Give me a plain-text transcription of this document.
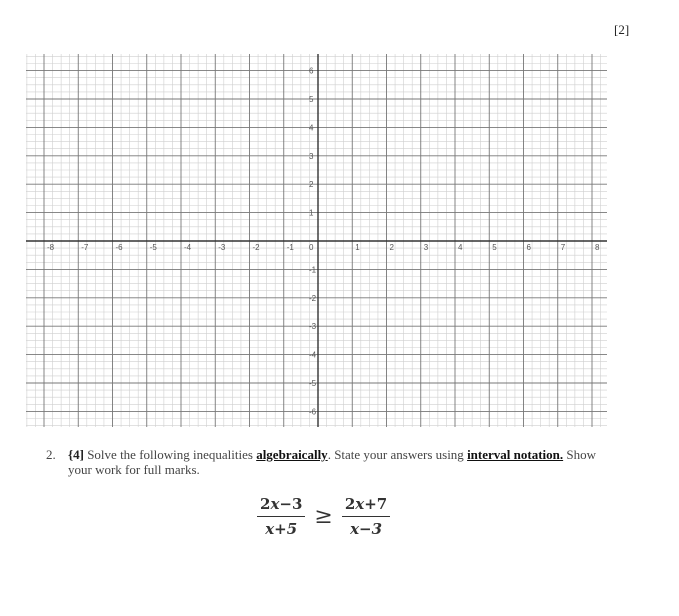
[2]
-8	-7	-6	-5	-4	-3	-2	-1	1	2	3	4	5	6	7	8
6
5
4
3
2
1
-1
-2
-3
-4
-5
-6
0
2. {4] Solve the following inequalities algebraically. State your answers using interval notation. Show
your work for full marks.
$\frac{2x-3}{x+5} \ge \frac{2x+7}{x-3}$
